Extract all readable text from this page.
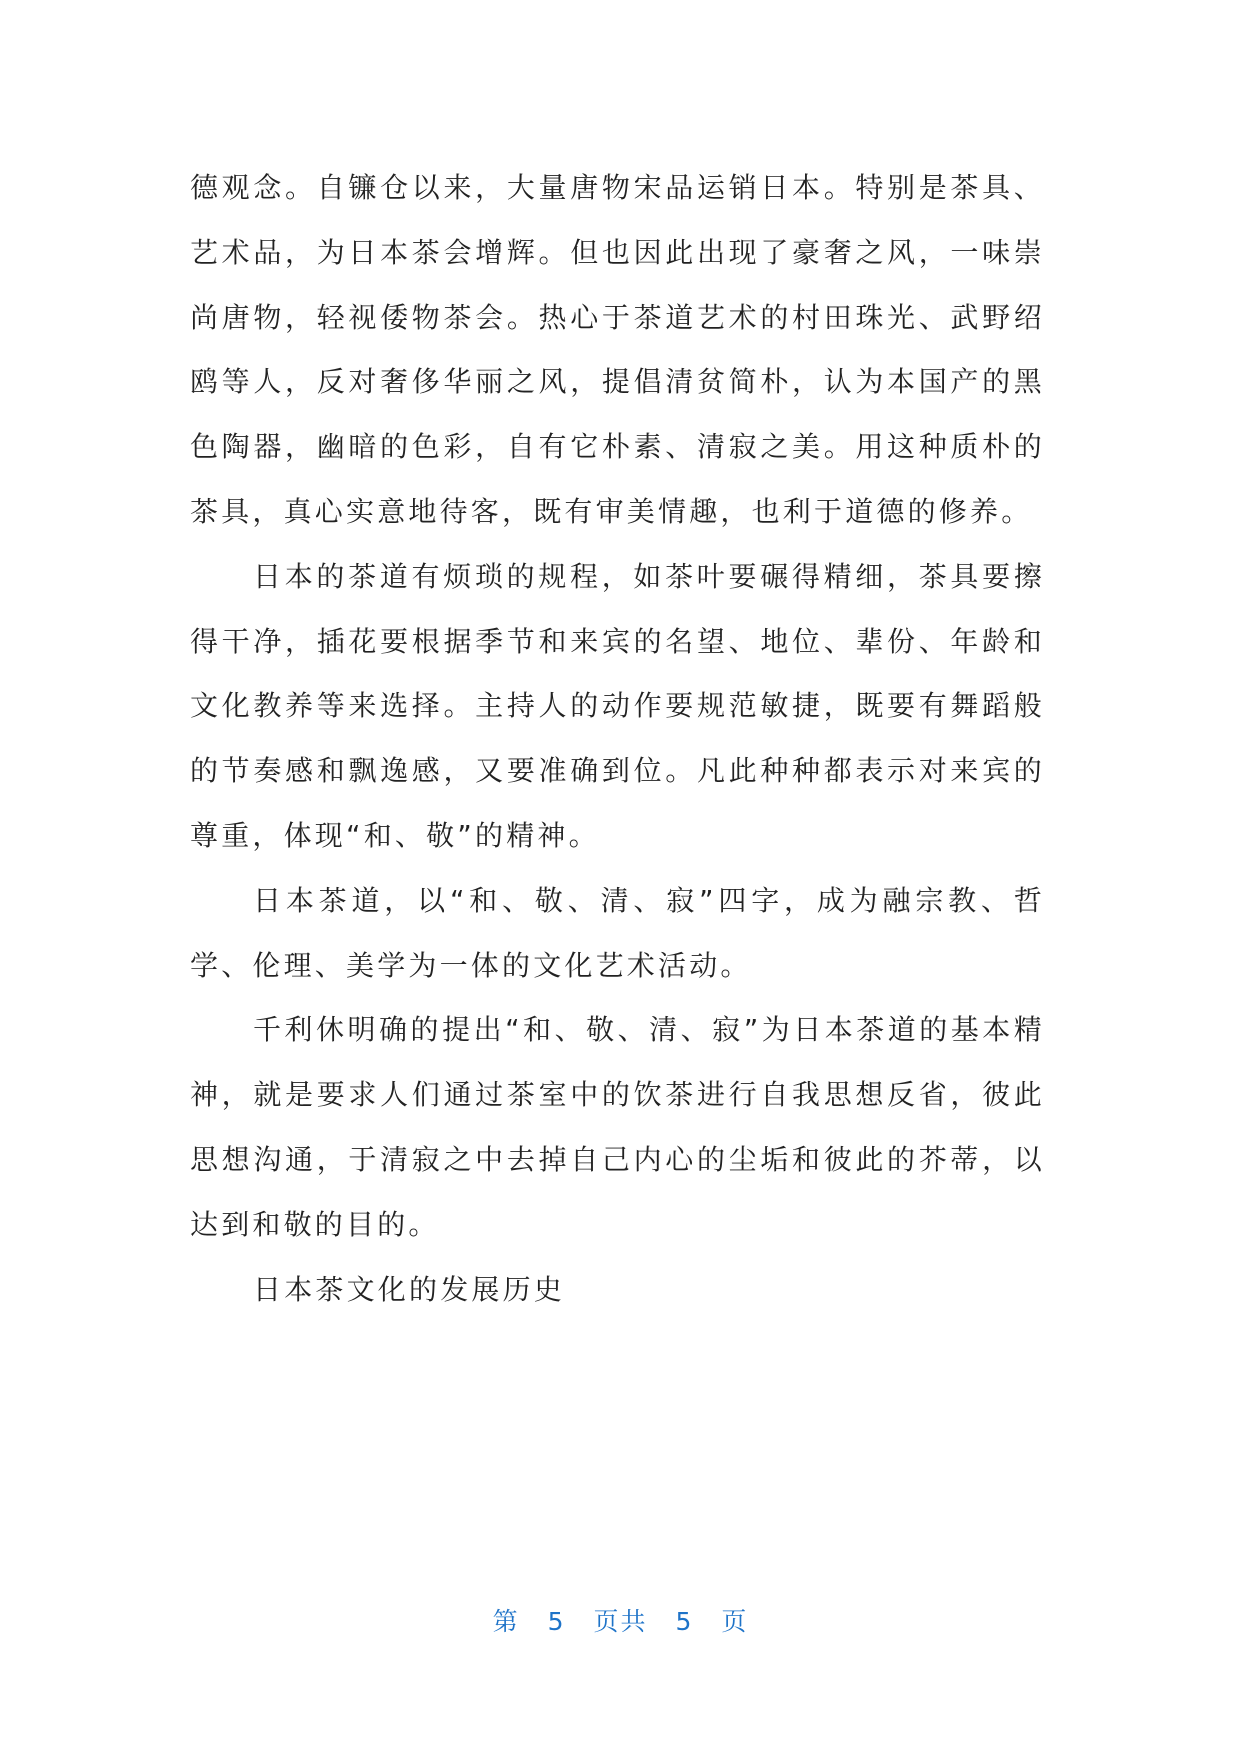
德观念。自镰仓以来，大量唐物宋品运销日本。特别是茶具、艺术品，为日本茶会增辉。但也因此出现了豪奢之风，一味崇尚唐物，轻视倭物茶会。热心于茶道艺术的村田珠光、武野绍鸥等人，反对奢侈华丽之风，提倡清贫简朴，认为本国产的黑色陶器，幽暗的色彩，自有它朴素、清寂之美。用这种质朴的茶具，真心实意地待客，既有审美情趣，也利于道德的修养。

日本的茶道有烦琐的规程，如茶叶要碾得精细，茶具要擦得干净，插花要根据季节和来宾的名望、地位、辈份、年龄和文化教养等来选择。主持人的动作要规范敏捷，既要有舞蹈般的节奏感和飘逸感，又要准确到位。凡此种种都表示对来宾的尊重，体现“和、敬”的精神。

日本茶道，以“和、敬、清、寂”四字，成为融宗教、哲学、伦理、美学为一体的文化艺术活动。

千利休明确的提出“和、敬、清、寂”为日本茶道的基本精神，就是要求人们通过茶室中的饮茶进行自我思想反省，彼此思想沟通，于清寂之中去掉自己内心的尘垢和彼此的芥蒂，以达到和敬的目的。

日本茶文化的发展历史

第 5 页共 5 页
